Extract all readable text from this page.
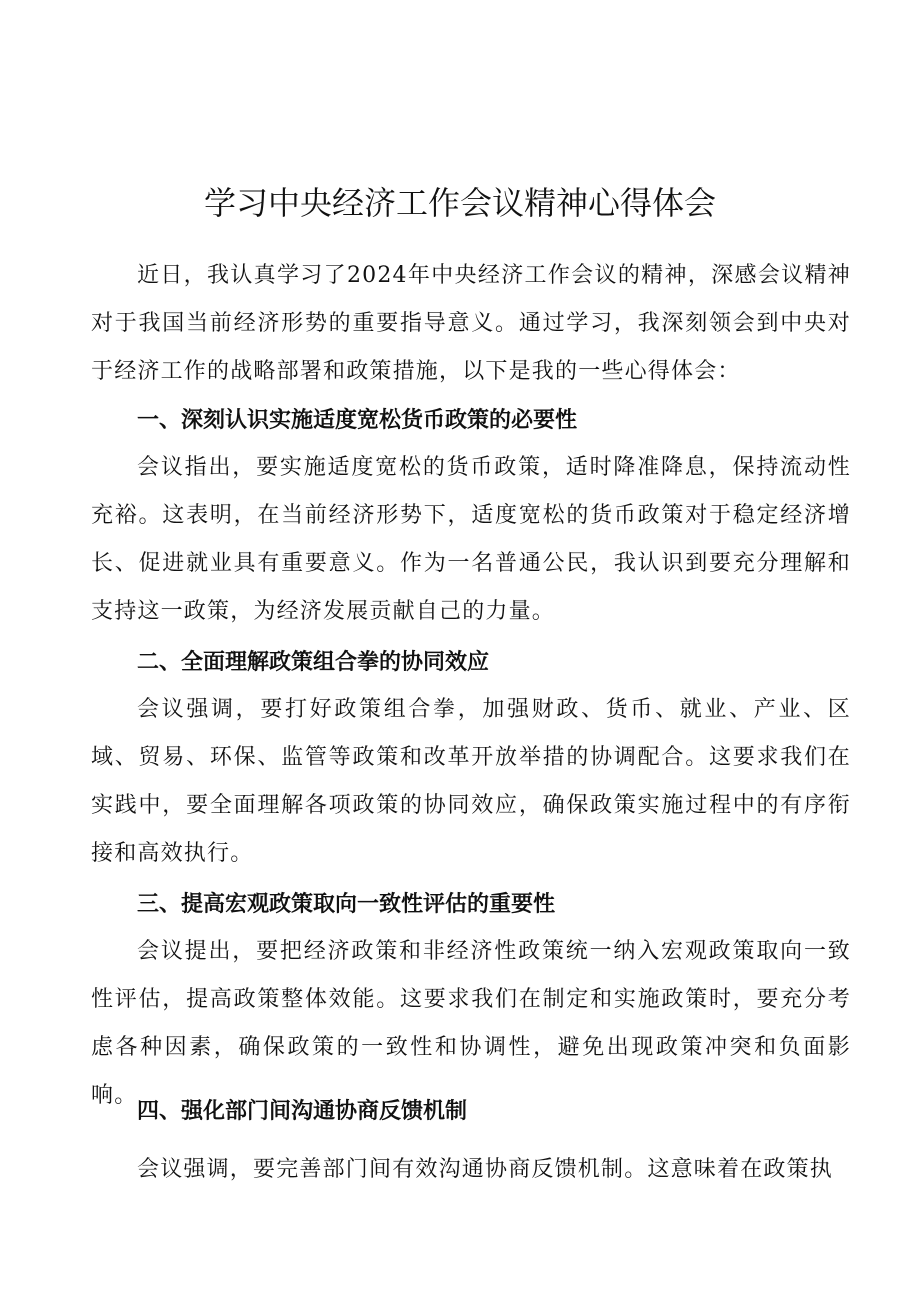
学习中央经济工作会议精神心得体会

近日，我认真学习了2024年中央经济工作会议的精神，深感会议精神对于我国当前经济形势的重要指导意义。通过学习，我深刻领会到中央对于经济工作的战略部署和政策措施，以下是我的一些心得体会：

一、深刻认识实施适度宽松货币政策的必要性

会议指出，要实施适度宽松的货币政策，适时降准降息，保持流动性充裕。这表明，在当前经济形势下，适度宽松的货币政策对于稳定经济增长、促进就业具有重要意义。作为一名普通公民，我认识到要充分理解和支持这一政策，为经济发展贡献自己的力量。

二、全面理解政策组合拳的协同效应

会议强调，要打好政策组合拳，加强财政、货币、就业、产业、区域、贸易、环保、监管等政策和改革开放举措的协调配合。这要求我们在实践中，要全面理解各项政策的协同效应，确保政策实施过程中的有序衔接和高效执行。

三、提高宏观政策取向一致性评估的重要性

会议提出，要把经济政策和非经济性政策统一纳入宏观政策取向一致性评估，提高政策整体效能。这要求我们在制定和实施政策时，要充分考虑各种因素，确保政策的一致性和协调性，避免出现政策冲突和负面影响。

四、强化部门间沟通协商反馈机制

会议强调，要完善部门间有效沟通协商反馈机制。这意味着在政策执
